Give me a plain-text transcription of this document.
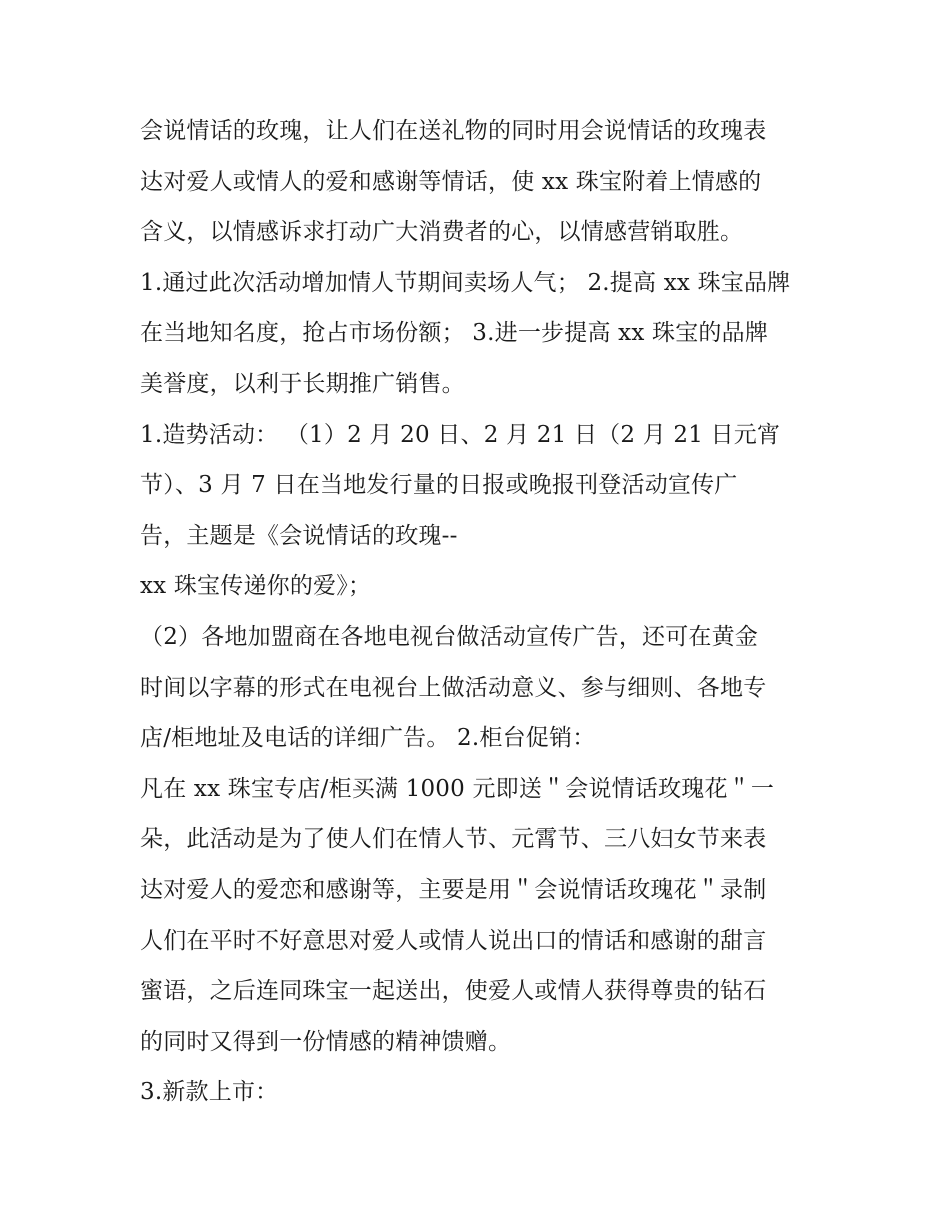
会说情话的玫瑰，让人们在送礼物的同时用会说情话的玫瑰表
达对爱人或情人的爱和感谢等情话，使 xx 珠宝附着上情感的
含义，以情感诉求打动广大消费者的心，以情感营销取胜。
1.通过此次活动增加情人节期间卖场人气； 2.提高 xx 珠宝品牌
在当地知名度，抢占市场份额； 3.进一步提高 xx 珠宝的品牌
美誉度，以利于长期推广销售。
1.造势活动： （1）2 月 20 日、2 月 21 日（2 月 21 日元宵
节）、3 月 7 日在当地发行量的日报或晚报刊登活动宣传广
告，主题是《会说情话的玫瑰--
xx 珠宝传递你的爱》；
（2）各地加盟商在各地电视台做活动宣传广告，还可在黄金
时间以字幕的形式在电视台上做活动意义、参与细则、各地专
店/柜地址及电话的详细广告。 2.柜台促销：
凡在 xx 珠宝专店/柜买满 1000 元即送＂会说情话玫瑰花＂一
朵，此活动是为了使人们在情人节、元霄节、三八妇女节来表
达对爱人的爱恋和感谢等，主要是用＂会说情话玫瑰花＂录制
人们在平时不好意思对爱人或情人说出口的情话和感谢的甜言
蜜语，之后连同珠宝一起送出，使爱人或情人获得尊贵的钻石
的同时又得到一份情感的精神馈赠。
3.新款上市：
